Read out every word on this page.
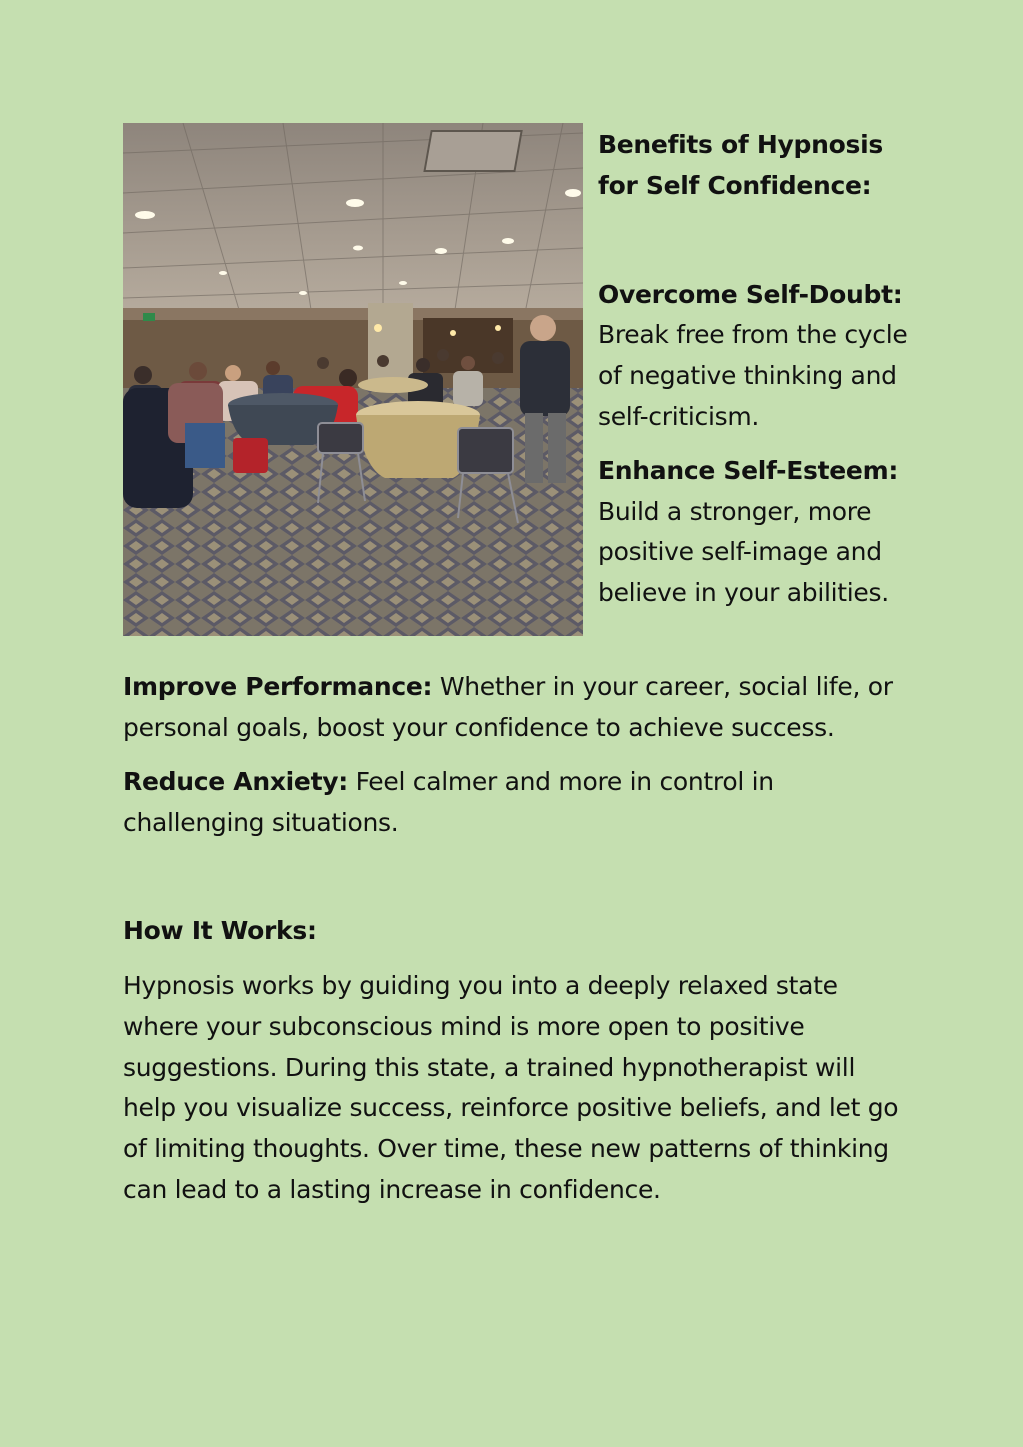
Benefits of Hypnosis for Self Confidence:

Overcome Self-Doubt:
Break free from the cycle of negative thinking and self-criticism.

Enhance Self-Esteem:
Build a stronger, more positive self-image and believe in your abilities.

Improve Performance: Whether in your career, social life, or personal goals, boost your confidence to achieve success.

Reduce Anxiety: Feel calmer and more in control in challenging situations.

How It Works:

Hypnosis works by guiding you into a deeply relaxed state where your subconscious mind is more open to positive suggestions. During this state, a trained hypnotherapist will help you visualize success, reinforce positive beliefs, and let go of limiting thoughts. Over time, these new patterns of thinking can lead to a lasting increase in confidence.
